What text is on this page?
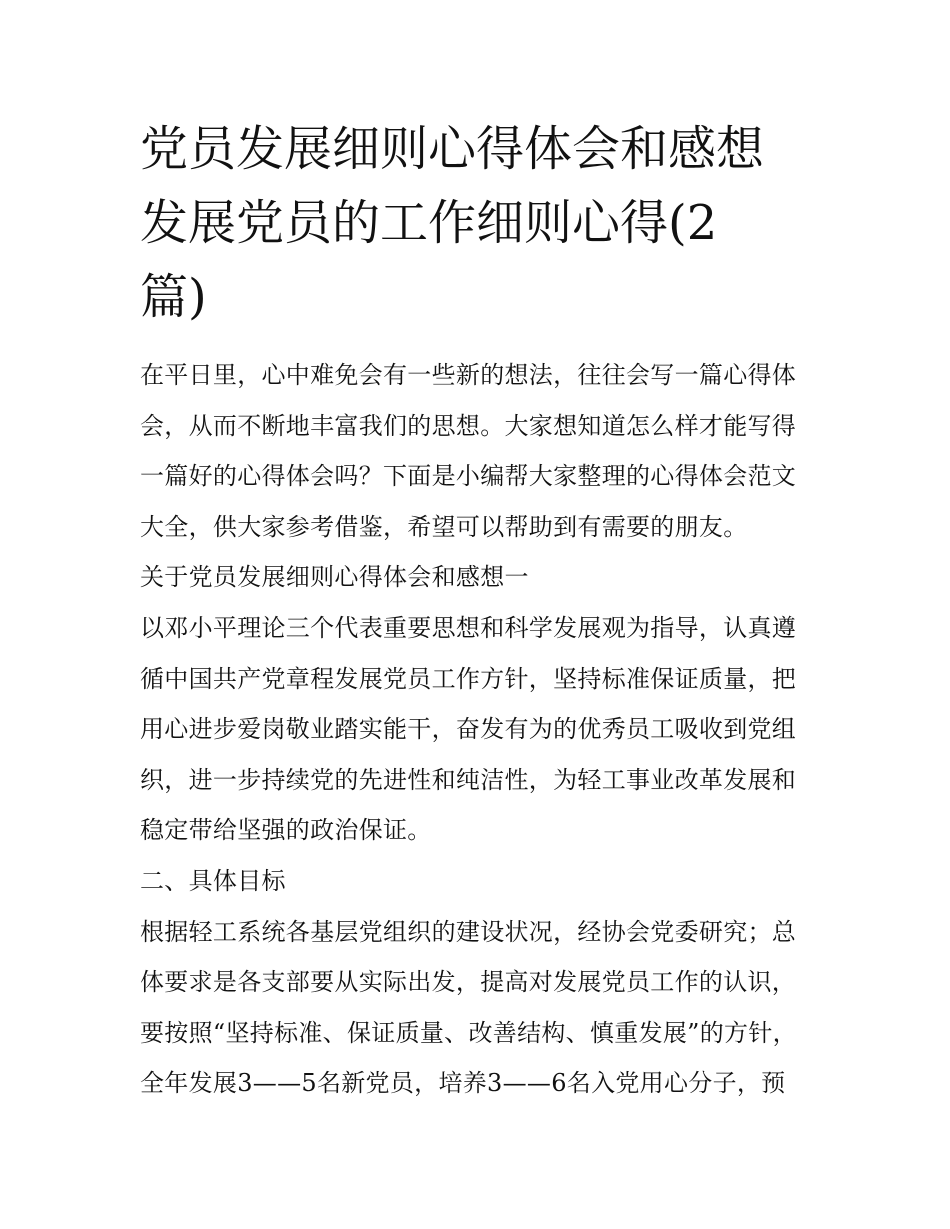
党员发展细则心得体会和感想
发展党员的工作细则心得(2
篇)

在平日里，心中难免会有一些新的想法，往往会写一篇心得体
会，从而不断地丰富我们的思想。大家想知道怎么样才能写得
一篇好的心得体会吗？下面是小编帮大家整理的心得体会范文
大全，供大家参考借鉴，希望可以帮助到有需要的朋友。

关于党员发展细则心得体会和感想一

以邓小平理论三个代表重要思想和科学发展观为指导，认真遵
循中国共产党章程发展党员工作方针，坚持标准保证质量，把
用心进步爱岗敬业踏实能干，奋发有为的优秀员工吸收到党组
织，进一步持续党的先进性和纯洁性，为轻工事业改革发展和
稳定带给坚强的政治保证。

二、具体目标

根据轻工系统各基层党组织的建设状况，经协会党委研究；总
体要求是各支部要从实际出发，提高对发展党员工作的认识，
要按照“坚持标准、保证质量、改善结构、慎重发展”的方针，
全年发展3——5名新党员，培养3——6名入党用心分子，预
